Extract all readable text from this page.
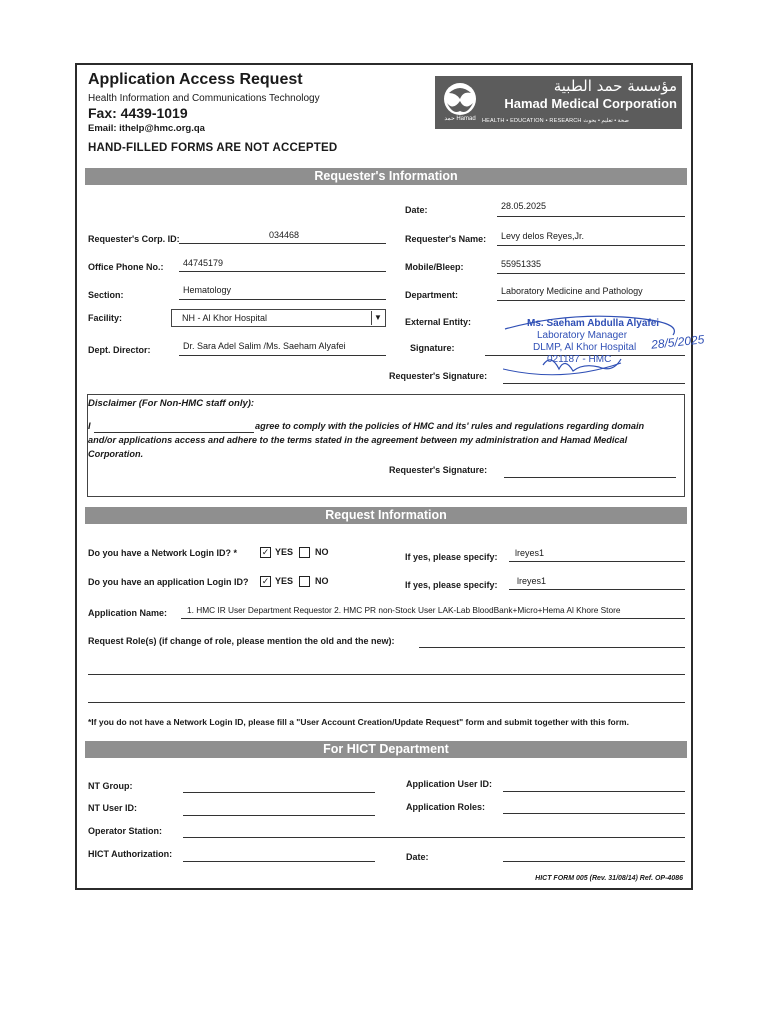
Application Access Request
Health Information and Communications Technology
Fax: 4439-1019
Email: ithelp@hmc.org.qa
HAND-FILLED FORMS ARE NOT ACCEPTED
حمد Hamad
مؤسسة حمد الطبية
Hamad Medical Corporation
HEALTH • EDUCATION • RESEARCH صحة • تعليم • بحوث
Requester's Information
Date:	28.05.2025
Requester's Corp. ID:	034468	Requester's Name: Levy delos Reyes,Jr.
Office Phone No.: 44745179	Mobile/Bleep:	55951335
Section:	Hematology	Department:	Laboratory Medicine and Pathology
Facility:	NH - Al Khor Hospital	▼	External Entity:
Dept. Director:	Dr. Sara Adel Salim /Ms. Saeham Alyafei	Signature:
Requester's Signature:
Ms. Saeham Abdulla Alyafei
Laboratory Manager
DLMP, Al Khor Hospital
021187 - HMC
28/5/2025
Disclaimer (For Non-HMC staff only):
I	agree to comply with the policies of HMC and its' rules and regulations regarding domain
and/or applications access and adhere to the terms stated in the agreement between my administration and Hamad Medical
Corporation.
Requester's Signature:
Request Information
Do you have a Network Login ID? *	✓ YES NO	If yes, please specify: lreyes1
Do you have an application Login ID? ✓ YES NO	If yes, please specify: lreyes1
Application Name: 1. HMC IR User Department Requestor 2. HMC PR non-Stock User LAK-Lab BloodBank+Micro+Hema Al Khore Store
Request Role(s) (if change of role, please mention the old and the new):
*If you do not have a Network Login ID, please fill a "User Account Creation/Update Request" form and submit together with this form.
For HICT Department
NT Group:	Application User ID:
NT User ID:	Application Roles:
Operator Station:
HICT Authorization:	Date:
HICT FORM 005 (Rev. 31/08/14) Ref. OP-4086
